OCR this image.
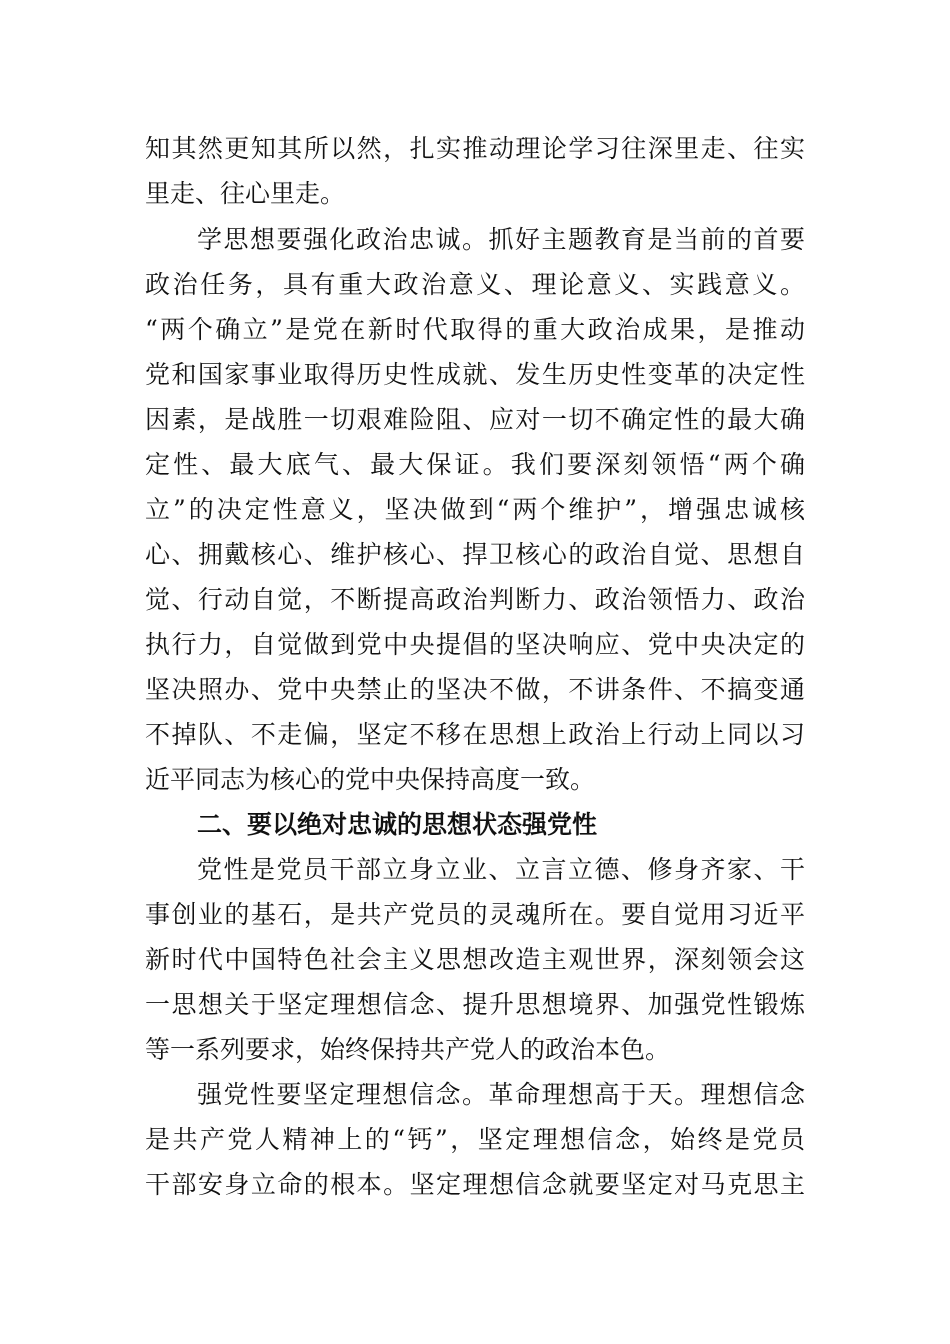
知其然更知其所以然，扎实推动理论学习往深里走、往实
里走、往心里走。
学思想要强化政治忠诚。抓好主题教育是当前的首要
政治任务，具有重大政治意义、理论意义、实践意义。
“两个确立”是党在新时代取得的重大政治成果，是推动
党和国家事业取得历史性成就、发生历史性变革的决定性
因素，是战胜一切艰难险阻、应对一切不确定性的最大确
定性、最大底气、最大保证。我们要深刻领悟“两个确
立”的决定性意义，坚决做到“两个维护”，增强忠诚核
心、拥戴核心、维护核心、捍卫核心的政治自觉、思想自
觉、行动自觉，不断提高政治判断力、政治领悟力、政治
执行力，自觉做到党中央提倡的坚决响应、党中央决定的
坚决照办、党中央禁止的坚决不做，不讲条件、不搞变通
不掉队、不走偏，坚定不移在思想上政治上行动上同以习
近平同志为核心的党中央保持高度一致。
二、要以绝对忠诚的思想状态强党性
党性是党员干部立身立业、立言立德、修身齐家、干
事创业的基石，是共产党员的灵魂所在。要自觉用习近平
新时代中国特色社会主义思想改造主观世界，深刻领会这
一思想关于坚定理想信念、提升思想境界、加强党性锻炼
等一系列要求，始终保持共产党人的政治本色。
强党性要坚定理想信念。革命理想高于天。理想信念
是共产党人精神上的“钙”，坚定理想信念，始终是党员
干部安身立命的根本。坚定理想信念就要坚定对马克思主
